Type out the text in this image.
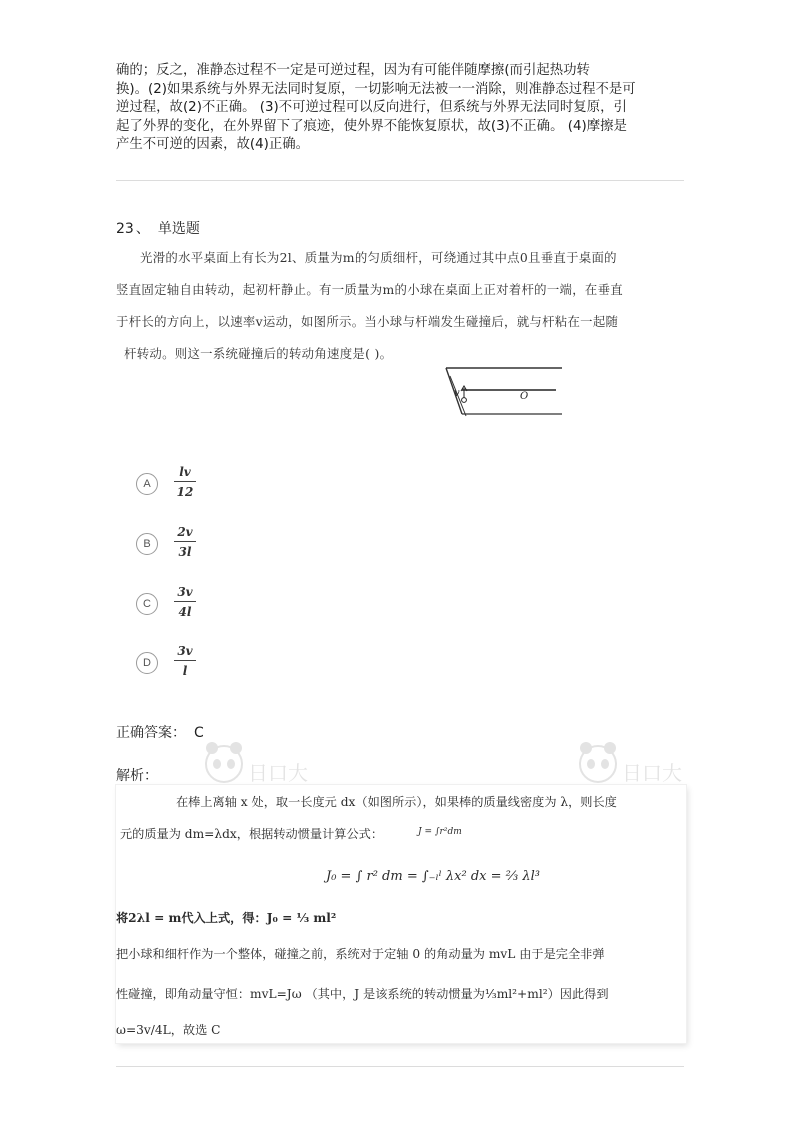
确的；反之，准静态过程不一定是可逆过程，因为有可能伴随摩擦(而引起热功转

换)。(2)如果系统与外界无法同时复原，一切影响无法被一一消除，则准静态过程不是可

逆过程，故(2)不正确。 (3)不可逆过程可以反向进行，但系统与外界无法同时复原，引

起了外界的变化，在外界留下了痕迹，使外界不能恢复原状，故(3)不正确。 (4)摩擦是

产生不可逆的因素，故(4)正确。

23 、 单选题
光滑的水平桌面上有长为2l、质量为m的匀质细杆，可绕通过其中点0且垂直于桌面的
竖直固定轴自由转动，起初杆静止。有一质量为m的小球在桌面上正对着杆的一端，在垂直
于杆长的方向上，以速率v运动，如图所示。当小球与杆端发生碰撞后，就与杆粘在一起随
杆转动。则这一系统碰撞后的转动角速度是( )。
v	O
A
lv
12
B
2v
3l
C
3v
4l
D
3v
l
正确答案： C
日口大	日口大
解析：
在棒上离轴 x 处，取一长度元 dx（如图所示），如果棒的质量线密度为 λ，则长度
元的质量为 dm=λdx，根据转动惯量计算公式：	J = ∫r²dm
J₀ = ∫ r² dm = ∫₋ₗˡ λx² dx = ⅔ λl³
将2λl = m代入上式，得：J₀ = ⅓ ml²
把小球和细杆作为一个整体，碰撞之前，系统对于定轴 0 的角动量为 mvL 由于是完全非弹
性碰撞，即角动量守恒：mvL=Jω （其中，J 是该系统的转动惯量为⅓ml²+ml²）因此得到
ω=3v/4L，故选 C
